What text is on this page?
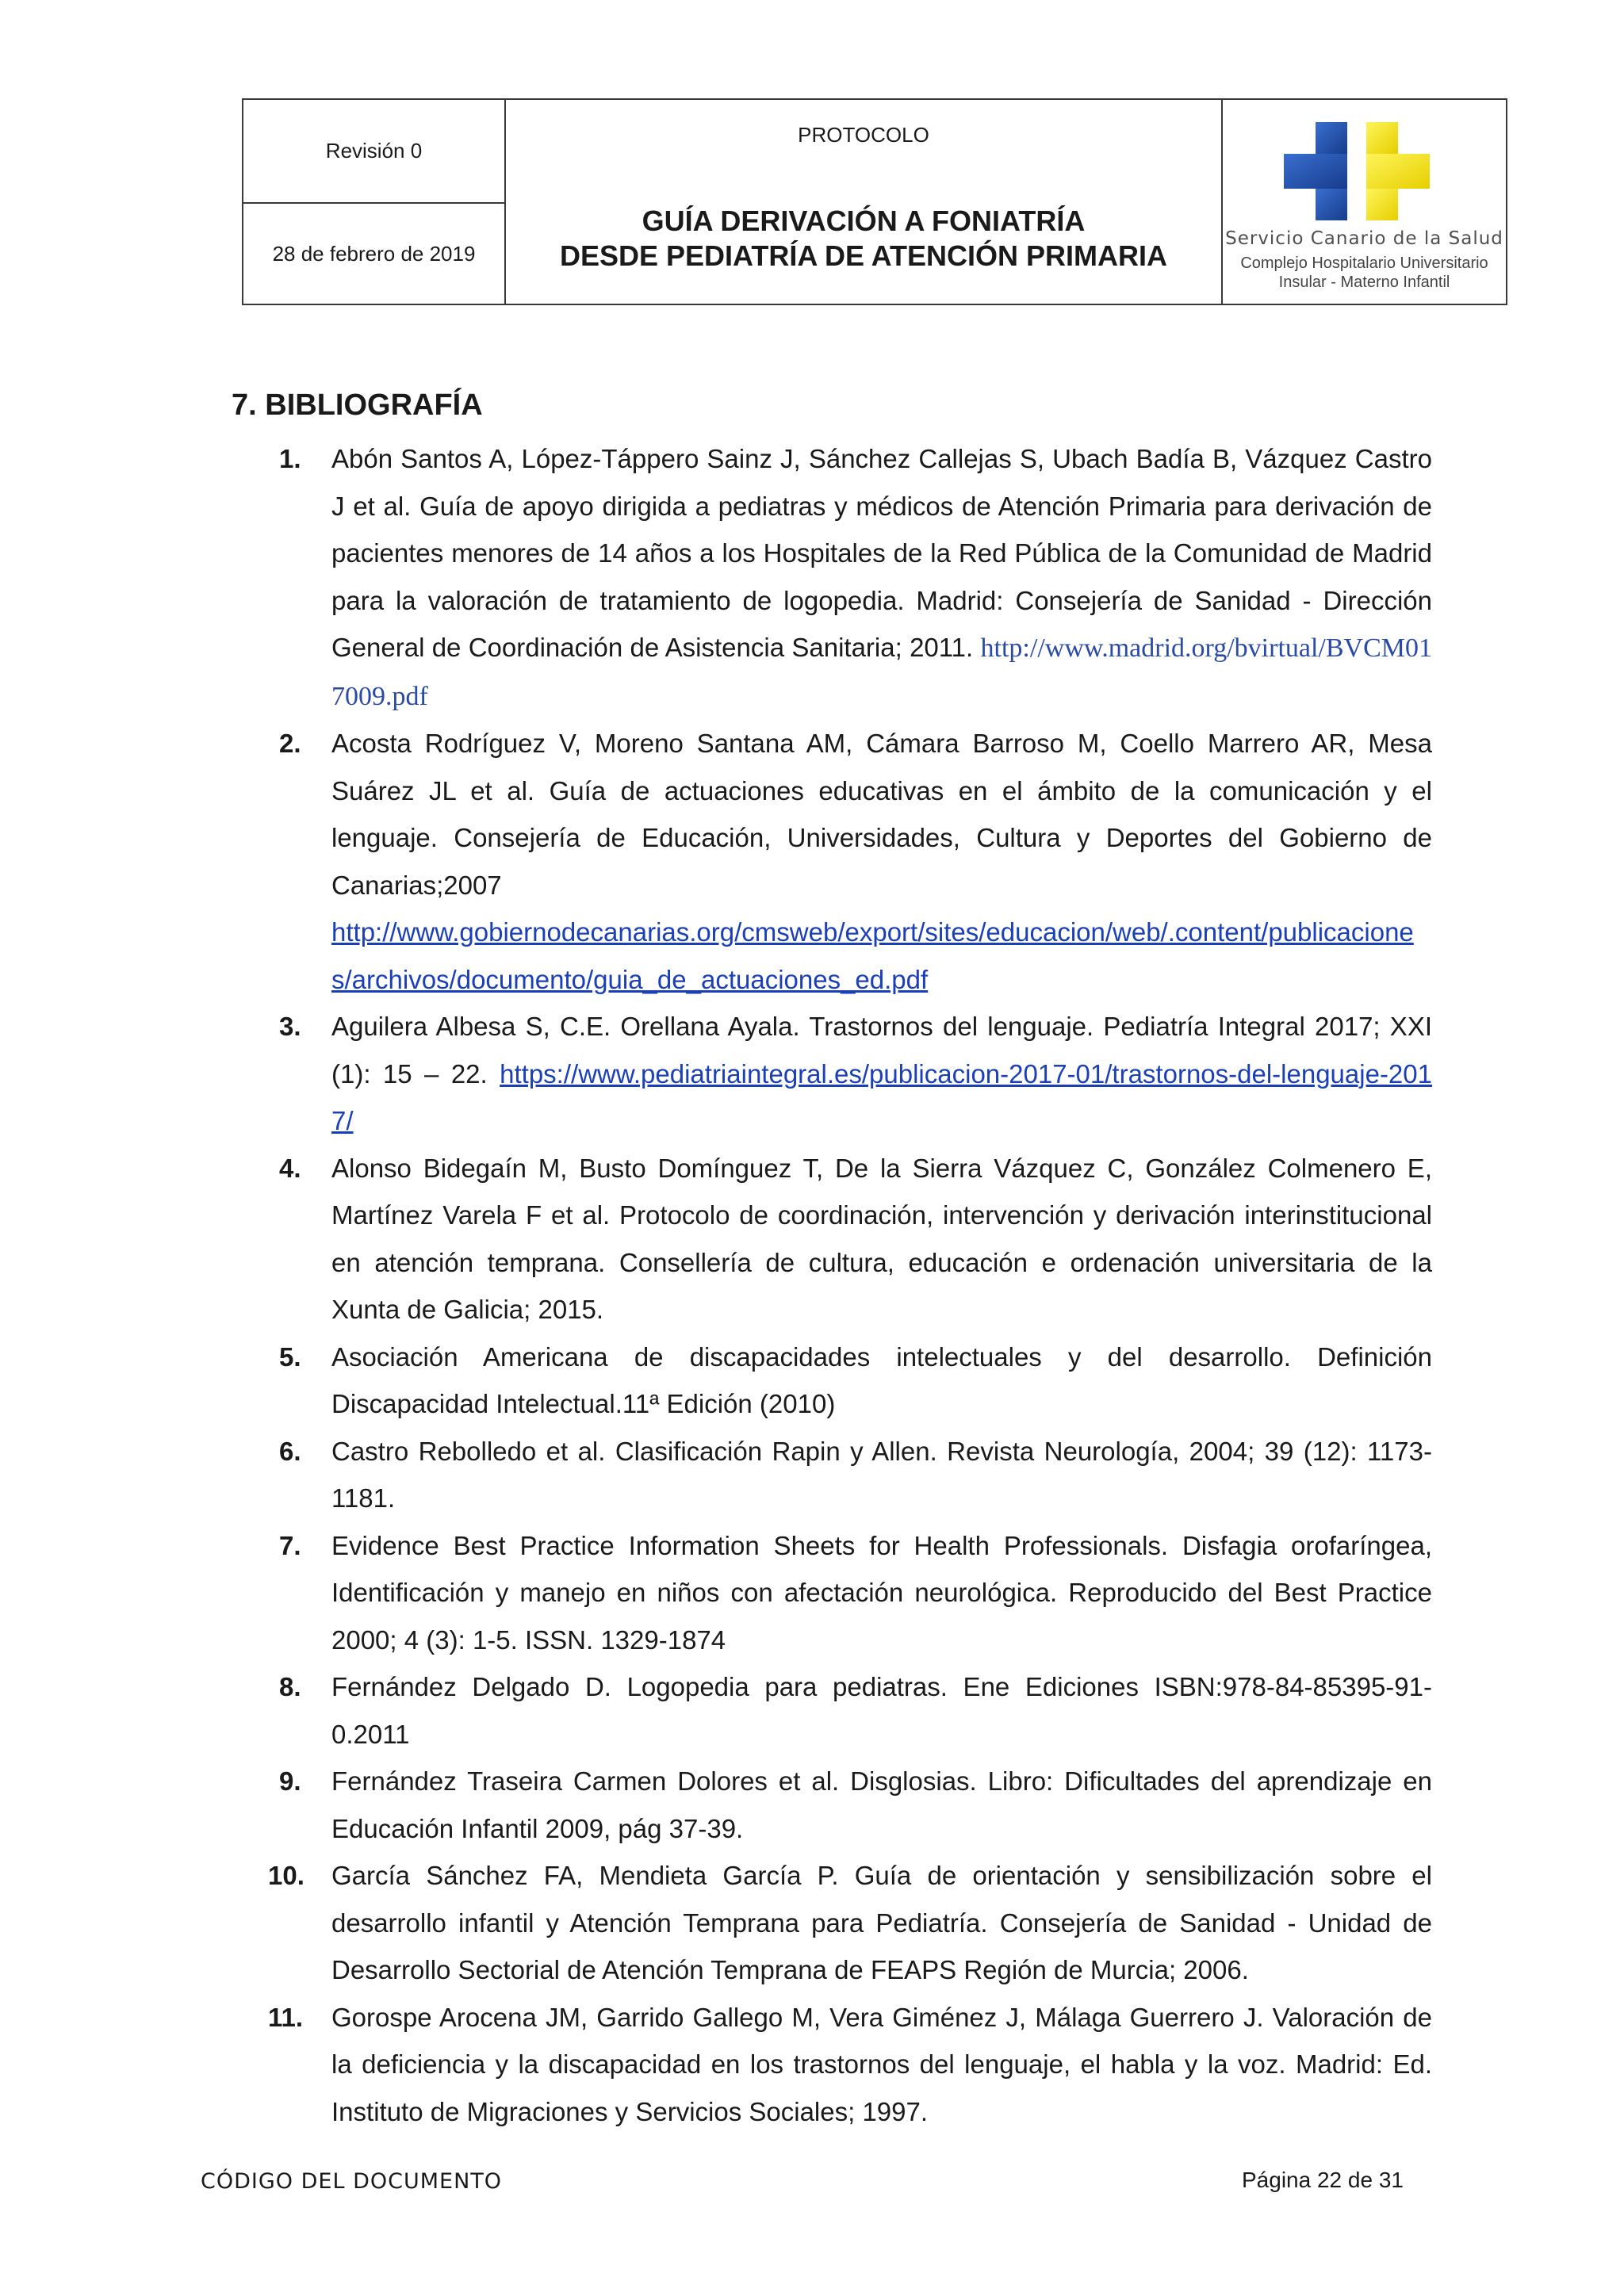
Revisión 0
28 de febrero de 2019
PROTOCOLO
GUÍA DERIVACIÓN A FONIATRÍA
DESDE PEDIATRÍA DE ATENCIÓN PRIMARIA
Servicio Canario de la Salud
Complejo Hospitalario Universitario
Insular - Materno Infantil
7. BIBLIOGRAFÍA
1. Abón Santos A, López-Táppero Sainz J, Sánchez Callejas S, Ubach Badía B, Vázquez Castro J et al. Guía de apoyo dirigida a pediatras y médicos de Atención Primaria para derivación de pacientes menores de 14 años a los Hospitales de la Red Pública de la Comunidad de Madrid para la valoración de tratamiento de logopedia. Madrid: Consejería de Sanidad - Dirección General de Coordinación de Asistencia Sanitaria; 2011. http://www.madrid.org/bvirtual/BVCM017009.pdf
2. Acosta Rodríguez V, Moreno Santana AM, Cámara Barroso M, Coello Marrero AR, Mesa Suárez JL et al. Guía de actuaciones educativas en el ámbito de la comunicación y el lenguaje. Consejería de Educación, Universidades, Cultura y Deportes del Gobierno de Canarias;2007
http://www.gobiernodecanarias.org/cmsweb/export/sites/educacion/web/.content/publicaciones/archivos/documento/guia_de_actuaciones_ed.pdf
3. Aguilera Albesa S, C.E. Orellana Ayala. Trastornos del lenguaje. Pediatría Integral 2017; XXI (1): 15 – 22. https://www.pediatriaintegral.es/publicacion-2017-01/trastornos-del-lenguaje-2017/
4. Alonso Bidegaín M, Busto Domínguez T, De la Sierra Vázquez C, González Colmenero E, Martínez Varela F et al. Protocolo de coordinación, intervención y derivación interinstitucional en atención temprana. Consellería de cultura, educación e ordenación universitaria de la Xunta de Galicia; 2015.
5. Asociación Americana de discapacidades intelectuales y del desarrollo. Definición Discapacidad Intelectual.11ª Edición (2010)
6. Castro Rebolledo et al. Clasificación Rapin y Allen. Revista Neurología, 2004; 39 (12): 1173-1181.
7. Evidence Best Practice Information Sheets for Health Professionals. Disfagia orofaríngea, Identificación y manejo en niños con afectación neurológica. Reproducido del Best Practice 2000; 4 (3): 1-5. ISSN. 1329-1874
8. Fernández Delgado D. Logopedia para pediatras. Ene Ediciones ISBN:978-84-85395-91-0.2011
9. Fernández Traseira Carmen Dolores et al. Disglosias. Libro: Dificultades del aprendizaje en Educación Infantil 2009, pág 37-39.
10. García Sánchez FA, Mendieta García P. Guía de orientación y sensibilización sobre el desarrollo infantil y Atención Temprana para Pediatría. Consejería de Sanidad - Unidad de Desarrollo Sectorial de Atención Temprana de FEAPS Región de Murcia; 2006.
11. Gorospe Arocena JM, Garrido Gallego M, Vera Giménez J, Málaga Guerrero J. Valoración de la deficiencia y la discapacidad en los trastornos del lenguaje, el habla y la voz. Madrid: Ed. Instituto de Migraciones y Servicios Sociales; 1997.
CÓDIGO DEL DOCUMENTO	Página 22 de 31
